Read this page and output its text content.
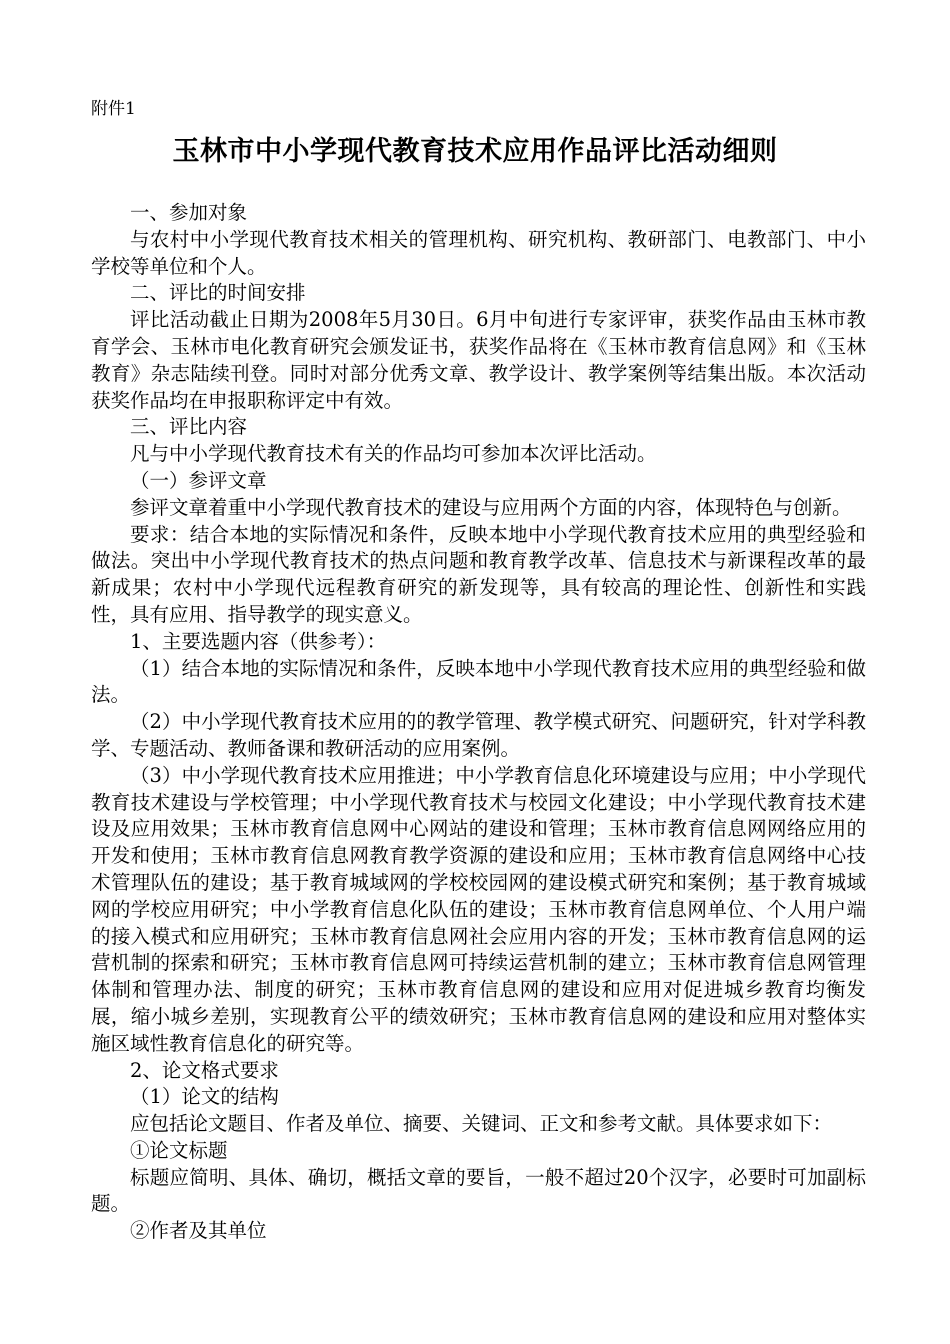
附件1
玉林市中小学现代教育技术应用作品评比活动细则

一、参加对象

与农村中小学现代教育技术相关的管理机构、研究机构、教研部门、电教部门、中小学校等单位和个人。

二、评比的时间安排

评比活动截止日期为2008年5月30日。6月中旬进行专家评审，获奖作品由玉林市教育学会、玉林市电化教育研究会颁发证书，获奖作品将在《玉林市教育信息网》和《玉林教育》杂志陆续刊登。同时对部分优秀文章、教学设计、教学案例等结集出版。本次活动获奖作品均在申报职称评定中有效。

三、评比内容

凡与中小学现代教育技术有关的作品均可参加本次评比活动。

（一）参评文章

参评文章着重中小学现代教育技术的建设与应用两个方面的内容，体现特色与创新。

要求：结合本地的实际情况和条件，反映本地中小学现代教育技术应用的典型经验和做法。突出中小学现代教育技术的热点问题和教育教学改革、信息技术与新课程改革的最新成果；农村中小学现代远程教育研究的新发现等，具有较高的理论性、创新性和实践性，具有应用、指导教学的现实意义。

1、主要选题内容（供参考）：

（1）结合本地的实际情况和条件，反映本地中小学现代教育技术应用的典型经验和做法。

（2）中小学现代教育技术应用的的教学管理、教学模式研究、问题研究，针对学科教学、专题活动、教师备课和教研活动的应用案例。

（3）中小学现代教育技术应用推进；中小学教育信息化环境建设与应用；中小学现代教育技术建设与学校管理；中小学现代教育技术与校园文化建设；中小学现代教育技术建设及应用效果；玉林市教育信息网中心网站的建设和管理；玉林市教育信息网网络应用的开发和使用；玉林市教育信息网教育教学资源的建设和应用；玉林市教育信息网络中心技术管理队伍的建设；基于教育城域网的学校校园网的建设模式研究和案例；基于教育城域网的学校应用研究；中小学教育信息化队伍的建设；玉林市教育信息网单位、个人用户端的接入模式和应用研究；玉林市教育信息网社会应用内容的开发；玉林市教育信息网的运营机制的探索和研究；玉林市教育信息网可持续运营机制的建立；玉林市教育信息网管理体制和管理办法、制度的研究；玉林市教育信息网的建设和应用对促进城乡教育均衡发展，缩小城乡差别，实现教育公平的绩效研究；玉林市教育信息网的建设和应用对整体实施区域性教育信息化的研究等。

2、论文格式要求

（1）论文的结构

应包括论文题目、作者及单位、摘要、关键词、正文和参考文献。具体要求如下：

①论文标题

标题应简明、具体、确切，概括文章的要旨，一般不超过20个汉字，必要时可加副标题。

②作者及其单位
